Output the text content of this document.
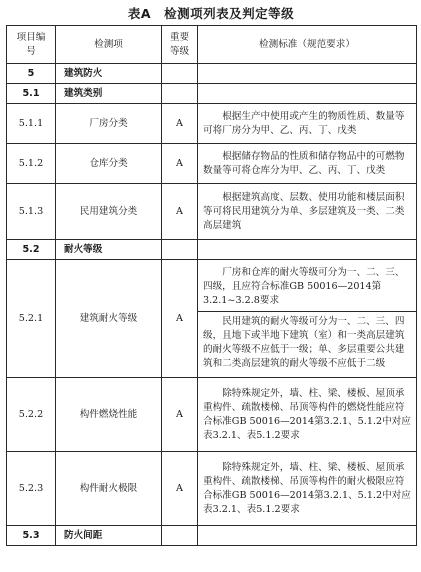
表A　检测项列表及判定等级
项目编号	检测项	重要等级	检测标准（规范要求）
5	建筑防火		
5.1	建筑类别		
5.1.1	厂房分类	A	根据生产中使用或产生的物质性质、数量等可将厂房分为甲、乙、丙、丁、戊类
5.1.2	仓库分类	A	根据储存物品的性质和储存物品中的可燃物数量等可将仓库分为甲、乙、丙、丁、戊类
5.1.3	民用建筑分类	A	根据建筑高度、层数、使用功能和楼层面积等可将民用建筑分为单、多层建筑及一类、二类高层建筑
5.2	耐火等级		
5.2.1	建筑耐火等级	A	厂房和仓库的耐火等级可分为一、二、三、四级，且应符合标准GB 50016—2014第3.2.1~3.2.8要求
民用建筑的耐火等级可分为一、二、三、四级，且地下或半地下建筑（室）和一类高层建筑的耐火等级不应低于一级；单、多层重要公共建筑和二类高层建筑的耐火等级不应低于二级

5.2.2	构件燃烧性能	A	除特殊规定外，墙、柱、梁、楼板、屋顶承重构件、疏散楼梯、吊顶等构件的燃烧性能应符合标准GB 50016—2014第3.2.1、5.1.2中对应表3.2.1、表5.1.2要求
5.2.3	构件耐火极限	A	除特殊规定外，墙、柱、梁、楼板、屋顶承重构件、疏散楼梯、吊顶等构件的耐火极限应符合标准GB 50016—2014第3.2.1、5.1.2中对应表3.2.1、表5.1.2要求
5.3	防火间距		
